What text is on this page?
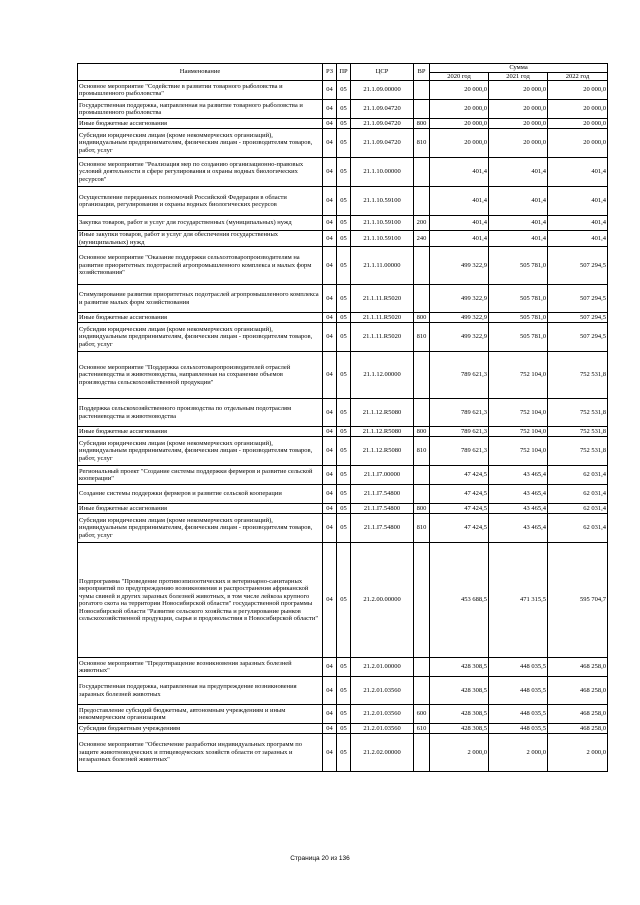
Наименование	РЗ	ПР	ЦСР	ВР	Сумма		
					2020 год	2021 год	2022 год
Основное мероприятие "Содействие в развитии товарного рыболовства и промышленного рыболовства"	04	05	21.1.09.00000		20 000,0	20 000,0	20 000,0
Государственная поддержка, направленная на развитие товарного рыболовства и промышленного рыболовства	04	05	21.1.09.04720		20 000,0	20 000,0	20 000,0
Иные бюджетные ассигнования	04	05	21.1.09.04720	800	20 000,0	20 000,0	20 000,0
Субсидии юридическим лицам (кроме некоммерческих организаций), индивидуальным предпринимателям, физическим лицам - производителям товаров, работ, услуг	04	05	21.1.09.04720	810	20 000,0	20 000,0	20 000,0
Основное мероприятие "Реализация мер по созданию организационно-правовых условий деятельности в сфере регулирования и охраны водных биологических ресурсов"	04	05	21.1.10.00000		401,4	401,4	401,4
Осуществление переданных полномочий Российской Федерации в области организации, регулирования и охраны водных биологических ресурсов	04	05	21.1.10.59100		401,4	401,4	401,4
Закупка товаров, работ и услуг для государственных (муниципальных) нужд	04	05	21.1.10.59100	200	401,4	401,4	401,4
Иные закупки товаров, работ и услуг для обеспечения государственных (муниципальных) нужд	04	05	21.1.10.59100	240	401,4	401,4	401,4
Основное мероприятие "Оказание поддержки сельхозтоваропроизводителям на развитие приоритетных подотраслей агропромышленного комплекса и малых форм хозяйствования"	04	05	21.1.11.00000		499 322,9	505 781,0	507 294,5
Стимулирование развития приоритетных подотраслей агропромышленного комплекса и развитие малых форм хозяйствования	04	05	21.1.11.R5020		499 322,9	505 781,0	507 294,5
Иные бюджетные ассигнования	04	05	21.1.11.R5020	800	499 322,9	505 781,0	507 294,5
Субсидии юридическим лицам (кроме некоммерческих организаций), индивидуальным предпринимателям, физическим лицам - производителям товаров, работ, услуг	04	05	21.1.11.R5020	810	499 322,9	505 781,0	507 294,5
Основное мероприятие "Поддержка сельхозтоваропроизводителей отраслей растениеводства и животноводства, направленная на сохранение объемов производства сельскохозяйственной продукции"	04	05	21.1.12.00000		789 621,3	752 104,0	752 531,8
Поддержка сельскохозяйственного производства по отдельным подотраслям растениеводства и животноводства	04	05	21.1.12.R5080		789 621,3	752 104,0	752 531,8
Иные бюджетные ассигнования	04	05	21.1.12.R5080	800	789 621,3	752 104,0	752 531,8
Субсидии юридическим лицам (кроме некоммерческих организаций), индивидуальным предпринимателям, физическим лицам - производителям товаров, работ, услуг	04	05	21.1.12.R5080	810	789 621,3	752 104,0	752 531,8
Региональный проект "Создание системы поддержки фермеров и развитие сельской кооперации"	04	05	21.1.I7.00000		47 424,5	43 465,4	62 031,4
Создание системы поддержки фермеров и развитие сельской кооперации	04	05	21.1.I7.54800		47 424,5	43 465,4	62 031,4
Иные бюджетные ассигнования	04	05	21.1.I7.54800	800	47 424,5	43 465,4	62 031,4
Субсидии юридическим лицам (кроме некоммерческих организаций), индивидуальным предпринимателям, физическим лицам - производителям товаров, работ, услуг	04	05	21.1.I7.54800	810	47 424,5	43 465,4	62 031,4
Подпрограмма "Проведение противоэпизоотических и ветеринарно-санитарных мероприятий по предупреждению возникновения и распространения африканской чумы свиней и других заразных болезней животных, в том числе лейкоза крупного рогатого скота на территории Новосибирской области" государственной программы Новосибирской области "Развитие сельского хозяйства и регулирование рынков сельскохозяйственной продукции, сырья и продовольствия в Новосибирской области"	04	05	21.2.00.00000		453 688,5	471 315,5	595 704,7
Основное мероприятие "Предотвращение возникновения заразных болезней животных"	04	05	21.2.01.00000		428 308,5	448 035,5	468 258,0
Государственная поддержка, направленная на предупреждение возникновения заразных болезней животных	04	05	21.2.01.03560		428 308,5	448 035,5	468 258,0
Предоставление субсидий бюджетным, автономным учреждениям и иным некоммерческим организациям	04	05	21.2.01.03560	600	428 308,5	448 035,5	468 258,0
Субсидии бюджетным учреждениям	04	05	21.2.01.03560	610	428 308,5	448 035,5	468 258,0
Основное мероприятие "Обеспечение разработки индивидуальных программ по защите животноводческих и птицеводческих хозяйств области от заразных и незаразных болезней животных"	04	05	21.2.02.00000		2 000,0	2 000,0	2 000,0
Страница 20 из 136
